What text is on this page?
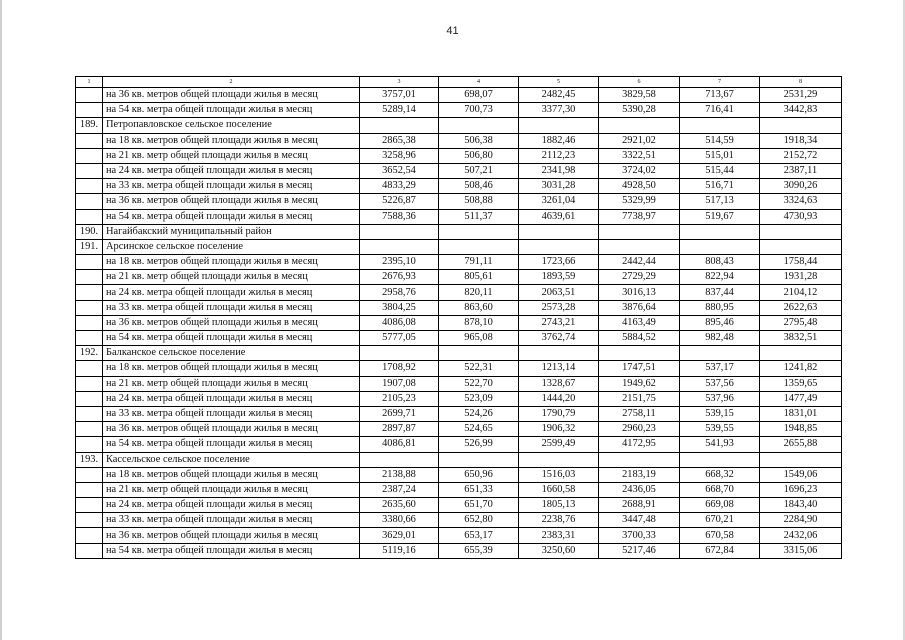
41
1	2	3	4	5	6	7	8
	на 36 кв. метров общей площади жилья в месяц	3757,01	698,07	2482,45	3829,58	713,67	2531,29
	на 54 кв. метра общей площади жилья в месяц	5289,14	700,73	3377,30	5390,28	716,41	3442,83
189.	Петропавловское сельское поселение						
	на 18 кв. метров общей площади жилья в месяц	2865,38	506,38	1882,46	2921,02	514,59	1918,34
	на 21 кв. метр общей площади жилья в месяц	3258,96	506,80	2112,23	3322,51	515,01	2152,72
	на 24 кв. метра общей площади жилья в месяц	3652,54	507,21	2341,98	3724,02	515,44	2387,11
	на 33 кв. метра общей площади жилья в месяц	4833,29	508,46	3031,28	4928,50	516,71	3090,26
	на 36 кв. метров общей площади жилья в месяц	5226,87	508,88	3261,04	5329,99	517,13	3324,63
	на 54 кв. метра общей площади жилья в месяц	7588,36	511,37	4639,61	7738,97	519,67	4730,93
190.	Нагайбакский муниципальный район						
191.	Арсинское сельское поселение						
	на 18 кв. метров общей площади жилья в месяц	2395,10	791,11	1723,66	2442,44	808,43	1758,44
	на 21 кв. метр общей площади жилья в месяц	2676,93	805,61	1893,59	2729,29	822,94	1931,28
	на 24 кв. метра общей площади жилья в месяц	2958,76	820,11	2063,51	3016,13	837,44	2104,12
	на 33 кв. метра общей площади жилья в месяц	3804,25	863,60	2573,28	3876,64	880,95	2622,63
	на 36 кв. метров общей площади жилья в месяц	4086,08	878,10	2743,21	4163,49	895,46	2795,48
	на 54 кв. метра общей площади жилья в месяц	5777,05	965,08	3762,74	5884,52	982,48	3832,51
192.	Балканское сельское поселение						
	на 18 кв. метров общей площади жилья в месяц	1708,92	522,31	1213,14	1747,51	537,17	1241,82
	на 21 кв. метр общей площади жилья в месяц	1907,08	522,70	1328,67	1949,62	537,56	1359,65
	на 24 кв. метра общей площади жилья в месяц	2105,23	523,09	1444,20	2151,75	537,96	1477,49
	на 33 кв. метра общей площади жилья в месяц	2699,71	524,26	1790,79	2758,11	539,15	1831,01
	на 36 кв. метров общей площади жилья в месяц	2897,87	524,65	1906,32	2960,23	539,55	1948,85
	на 54 кв. метра общей площади жилья в месяц	4086,81	526,99	2599,49	4172,95	541,93	2655,88
193.	Кассельское сельское поселение						
	на 18 кв. метров общей площади жилья в месяц	2138,88	650,96	1516,03	2183,19	668,32	1549,06
	на 21 кв. метр общей площади жилья в месяц	2387,24	651,33	1660,58	2436,05	668,70	1696,23
	на 24 кв. метра общей площади жилья в месяц	2635,60	651,70	1805,13	2688,91	669,08	1843,40
	на 33 кв. метра общей площади жилья в месяц	3380,66	652,80	2238,76	3447,48	670,21	2284,90
	на 36 кв. метров общей площади жилья в месяц	3629,01	653,17	2383,31	3700,33	670,58	2432,06
	на 54 кв. метра общей площади жилья в месяц	5119,16	655,39	3250,60	5217,46	672,84	3315,06
